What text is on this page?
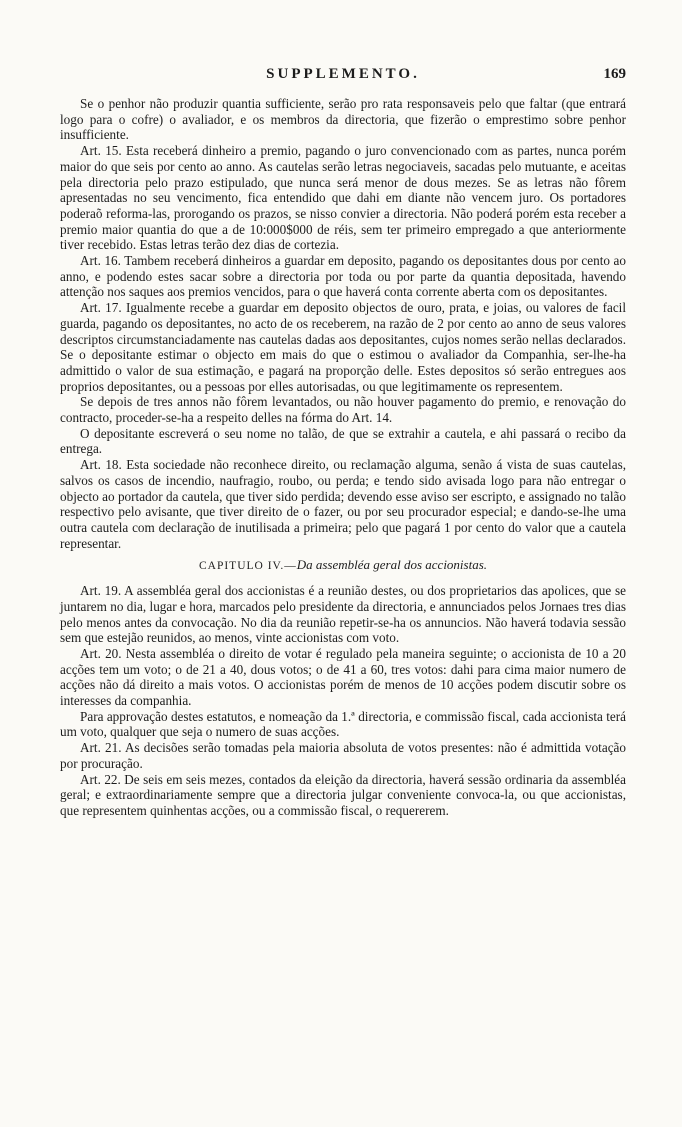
SUPPLEMENTO.	169

Se o penhor não produzir quantia sufficiente, serão pro rata responsaveis pelo que faltar (que entrará logo para o cofre) o avaliador, e os membros da directoria, que fizerão o emprestimo sobre penhor insufficiente.

Art. 15. Esta receberá dinheiro a premio, pagando o juro convencionado com as partes, nunca porém maior do que seis por cento ao anno. As cautelas serão letras negociaveis, sacadas pelo mutuante, e aceitas pela directoria pelo prazo estipulado, que nunca será menor de dous mezes. Se as letras não fôrem apresentadas no seu vencimento, fica entendido que dahi em diante não vencem juro. Os portadores poderaõ reforma-las, prorogando os prazos, se nisso convier a directoria. Não poderá porém esta receber a premio maior quantia do que a de 10:000$000 de réis, sem ter primeiro empregado a que anteriormente tiver recebido. Estas letras terão dez dias de cortezia.

Art. 16. Tambem receberá dinheiros a guardar em deposito, pagando os depositantes dous por cento ao anno, e podendo estes sacar sobre a directoria por toda ou por parte da quantia depositada, havendo attenção nos saques aos premios vencidos, para o que haverá conta corrente aberta com os depositantes.

Art. 17. Igualmente recebe a guardar em deposito objectos de ouro, prata, e joias, ou valores de facil guarda, pagando os depositantes, no acto de os receberem, na razão de 2 por cento ao anno de seus valores descriptos circumstanciadamente nas cautelas dadas aos depositantes, cujos nomes serão nellas declarados. Se o depositante estimar o objecto em mais do que o estimou o avaliador da Companhia, ser-lhe-ha admittido o valor de sua estimação, e pagará na proporção delle. Estes depositos só serão entregues aos proprios depositantes, ou a pessoas por elles autorisadas, ou que legitimamente os representem.

Se depois de tres annos não fôrem levantados, ou não houver pagamento do premio, e renovação do contracto, proceder-se-ha a respeito delles na fórma do Art. 14.

O depositante escreverá o seu nome no talão, de que se extrahir a cautela, e ahi passará o recibo da entrega.

Art. 18. Esta sociedade não reconhece direito, ou reclamação alguma, senão á vista de suas cautelas, salvos os casos de incendio, naufragio, roubo, ou perda; e tendo sido avisada logo para não entregar o objecto ao portador da cautela, que tiver sido perdida; devendo esse aviso ser escripto, e assignado no talão respectivo pelo avisante, que tiver direito de o fazer, ou por seu procurador especial; e dando-se-lhe uma outra cautela com declaração de inutilisada a primeira; pelo que pagará 1 por cento do valor que a cautela representar.

CAPITULO IV.—Da assembléa geral dos accionistas.

Art. 19. A assembléa geral dos accionistas é a reunião destes, ou dos proprietarios das apolices, que se juntarem no dia, lugar e hora, marcados pelo presidente da directoria, e annunciados pelos Jornaes tres dias pelo menos antes da convocação. No dia da reunião repetir-se-ha os annuncios. Não haverá todavia sessão sem que estejão reunidos, ao menos, vinte accionistas com voto.

Art. 20. Nesta assembléa o direito de votar é regulado pela maneira seguinte; o accionista de 10 a 20 acções tem um voto; o de 21 a 40, dous votos; o de 41 a 60, tres votos: dahi para cima maior numero de acções não dá direito a mais votos. O accionistas porém de menos de 10 acções podem discutir sobre os interesses da companhia.

Para approvação destes estatutos, e nomeação da 1.ª directoria, e commissão fiscal, cada accionista terá um voto, qualquer que seja o numero de suas acções.

Art. 21. As decisões serão tomadas pela maioria absoluta de votos presentes: não é admittida votação por procuração.

Art. 22. De seis em seis mezes, contados da eleição da directoria, haverá sessão ordinaria da assembléa geral; e extraordinariamente sempre que a directoria julgar conveniente convoca-la, ou que accionistas, que representem quinhentas acções, ou a commissão fiscal, o requererem.
